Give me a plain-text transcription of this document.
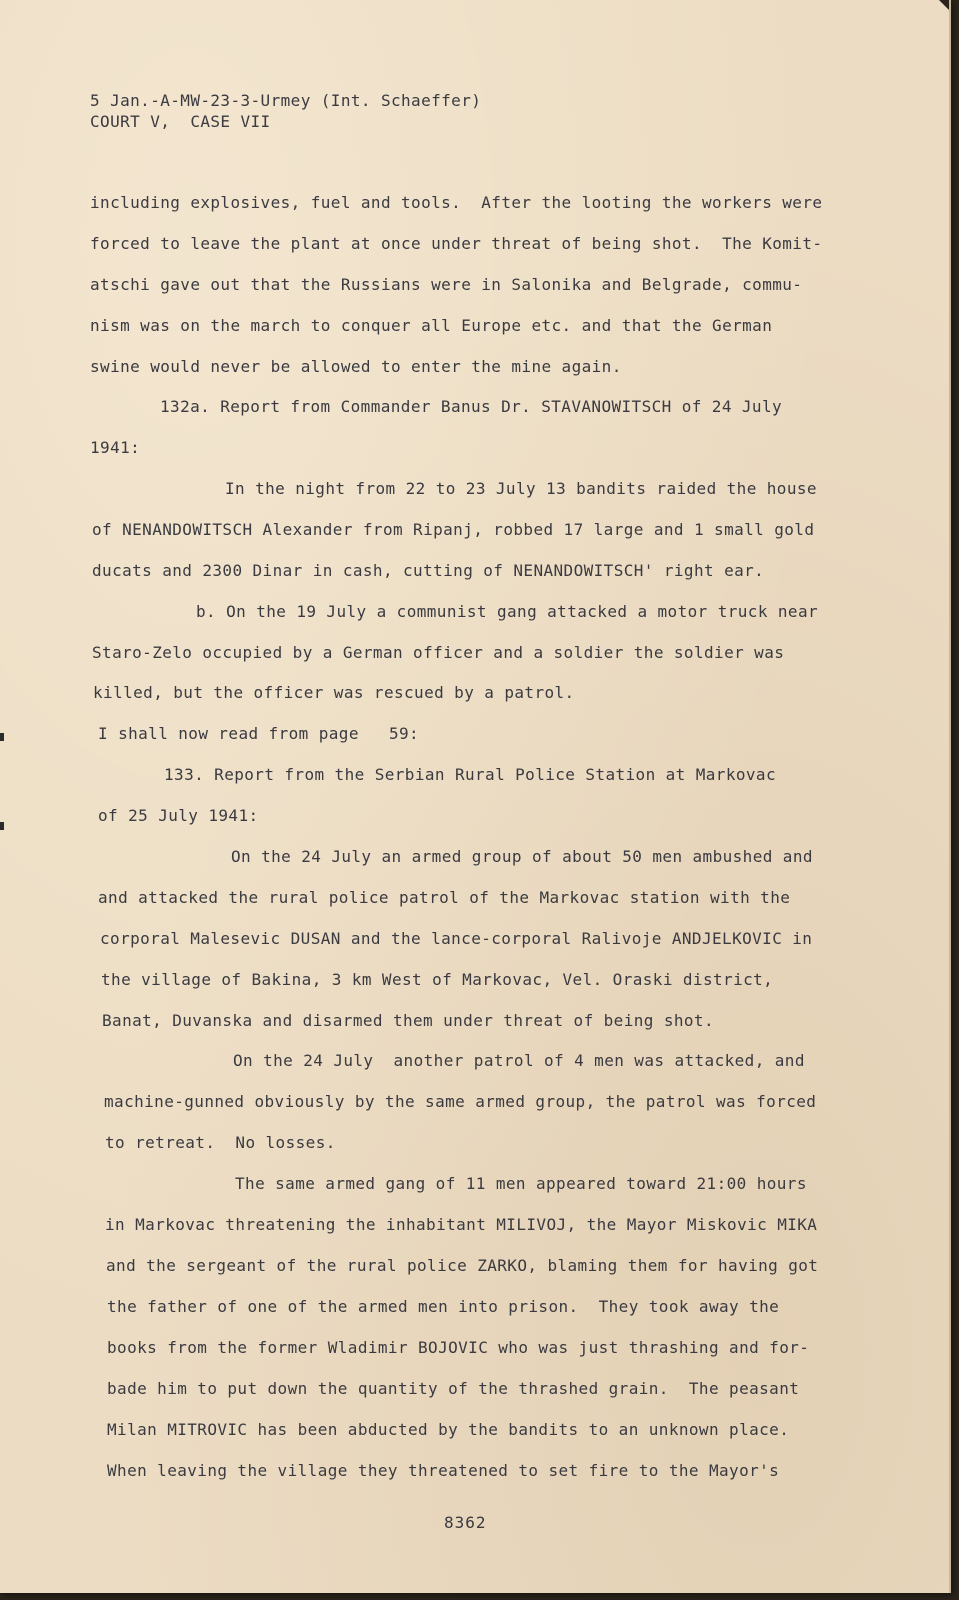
5 Jan.-A-MW-23-3-Urmey (Int. Schaeffer)
COURT V,  CASE VII
including explosives, fuel and tools.  After the looting the workers were
forced to leave the plant at once under threat of being shot.  The Komit-
atschi gave out that the Russians were in Salonika and Belgrade, commu-
nism was on the march to conquer all Europe etc. and that the German
swine would never be allowed to enter the mine again.
132a. Report from Commander Banus Dr. STAVANOWITSCH of 24 July
1941:
In the night from 22 to 23 July 13 bandits raided the house
of NENANDOWITSCH Alexander from Ripanj, robbed 17 large and 1 small gold
ducats and 2300 Dinar in cash, cutting of NENANDOWITSCH' right ear.
b. On the 19 July a communist gang attacked a motor truck near
Staro-Zelo occupied by a German officer and a soldier the soldier was
killed, but the officer was rescued by a patrol.
I shall now read from page   59:
133. Report from the Serbian Rural Police Station at Markovac
of 25 July 1941:
On the 24 July an armed group of about 50 men ambushed and
and attacked the rural police patrol of the Markovac station with the
corporal Malesevic DUSAN and the lance-corporal Ralivoje ANDJELKOVIC in
the village of Bakina, 3 km West of Markovac, Vel. Oraski district,
Banat, Duvanska and disarmed them under threat of being shot.
On the 24 July  another patrol of 4 men was attacked, and
machine-gunned obviously by the same armed group, the patrol was forced
to retreat.  No losses.
The same armed gang of 11 men appeared toward 21:00 hours
in Markovac threatening the inhabitant MILIVOJ, the Mayor Miskovic MIKA
and the sergeant of the rural police ZARKO, blaming them for having got
the father of one of the armed men into prison.  They took away the
books from the former Wladimir BOJOVIC who was just thrashing and for-
bade him to put down the quantity of the thrashed grain.  The peasant
Milan MITROVIC has been abducted by the bandits to an unknown place.
When leaving the village they threatened to set fire to the Mayor's
8362
